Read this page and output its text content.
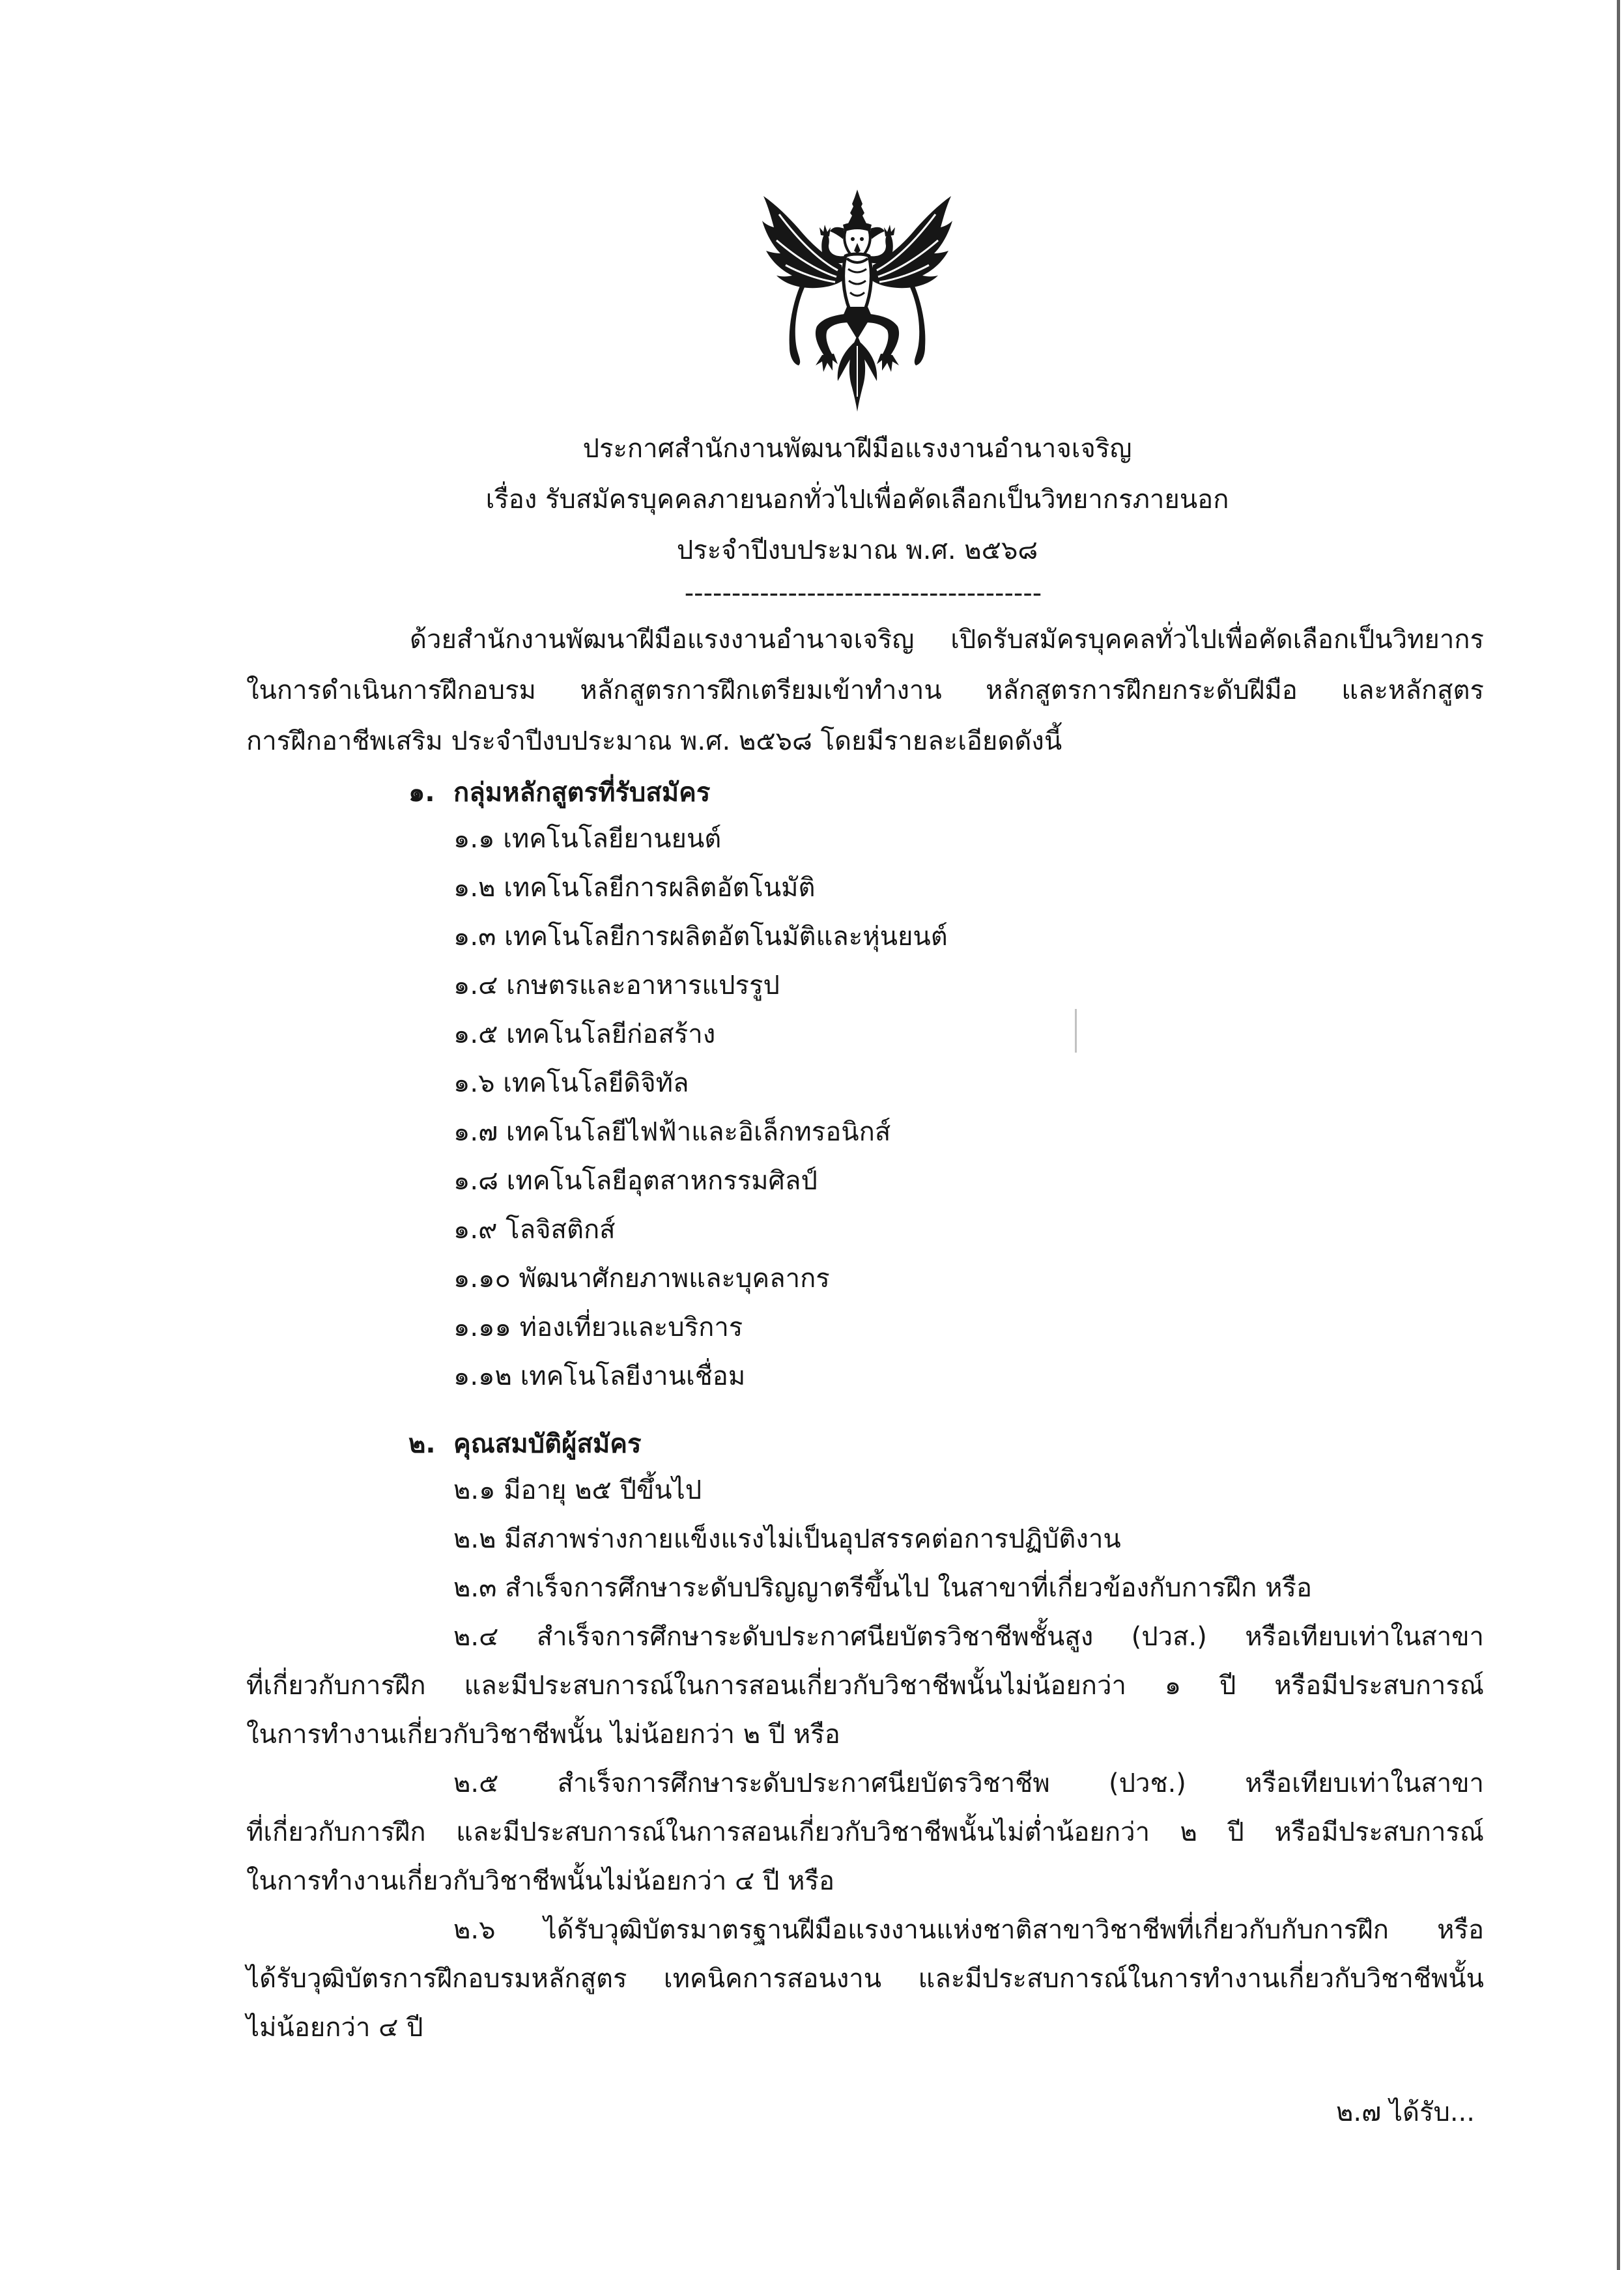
ประกาศสำนักงานพัฒนาฝีมือแรงงานอำนาจเจริญ
เรื่อง รับสมัครบุคคลภายนอกทั่วไปเพื่อคัดเลือกเป็นวิทยากรภายนอก
ประจำปีงบประมาณ พ.ศ. ๒๕๖๘
--------------------------------------
ด้วยสำนักงานพัฒนาฝีมือแรงงานอำนาจเจริญ เปิดรับสมัครบุคคลทั่วไปเพื่อคัดเลือกเป็นวิทยากร
ในการดำเนินการฝึกอบรม หลักสูตรการฝึกเตรียมเข้าทำงาน หลักสูตรการฝึกยกระดับฝีมือ และหลักสูตร
การฝึกอาชีพเสริม ประจำปีงบประมาณ พ.ศ. ๒๕๖๘ โดยมีรายละเอียดดังนี้
๑. กลุ่มหลักสูตรที่รับสมัคร
๑.๑ เทคโนโลยียานยนต์
๑.๒ เทคโนโลยีการผลิตอัตโนมัติ
๑.๓ เทคโนโลยีการผลิตอัตโนมัติและหุ่นยนต์
๑.๔ เกษตรและอาหารแปรรูป
๑.๕ เทคโนโลยีก่อสร้าง
๑.๖ เทคโนโลยีดิจิทัล
๑.๗ เทคโนโลยีไฟฟ้าและอิเล็กทรอนิกส์
๑.๘ เทคโนโลยีอุตสาหกรรมศิลป์
๑.๙ โลจิสติกส์
๑.๑๐ พัฒนาศักยภาพและบุคลากร
๑.๑๑ ท่องเที่ยวและบริการ
๑.๑๒ เทคโนโลยีงานเชื่อม
๒. คุณสมบัติผู้สมัคร
๒.๑ มีอายุ ๒๕ ปีขึ้นไป
๒.๒ มีสภาพร่างกายแข็งแรงไม่เป็นอุปสรรคต่อการปฏิบัติงาน
๒.๓ สำเร็จการศึกษาระดับปริญญาตรีขึ้นไป ในสาขาที่เกี่ยวข้องกับการฝึก หรือ
๒.๔ สำเร็จการศึกษาระดับประกาศนียบัตรวิชาชีพชั้นสูง (ปวส.) หรือเทียบเท่าในสาขา
ที่เกี่ยวกับการฝึก และมีประสบการณ์ในการสอนเกี่ยวกับวิชาชีพนั้นไม่น้อยกว่า ๑ ปี หรือมีประสบการณ์
ในการทำงานเกี่ยวกับวิชาชีพนั้น ไม่น้อยกว่า ๒ ปี หรือ
๒.๕ สำเร็จการศึกษาระดับประกาศนียบัตรวิชาชีพ (ปวช.) หรือเทียบเท่าในสาขา
ที่เกี่ยวกับการฝึก และมีประสบการณ์ในการสอนเกี่ยวกับวิชาชีพนั้นไม่ต่ำน้อยกว่า ๒ ปี หรือมีประสบการณ์
ในการทำงานเกี่ยวกับวิชาชีพนั้นไม่น้อยกว่า ๔ ปี หรือ
๒.๖ ได้รับวุฒิบัตรมาตรฐานฝีมือแรงงานแห่งชาติสาขาวิชาชีพที่เกี่ยวกับกับการฝึก หรือ
ได้รับวุฒิบัตรการฝึกอบรมหลักสูตร เทคนิคการสอนงาน และมีประสบการณ์ในการทำงานเกี่ยวกับวิชาชีพนั้น
ไม่น้อยกว่า ๔ ปี
๒.๗ ได้รับ...
